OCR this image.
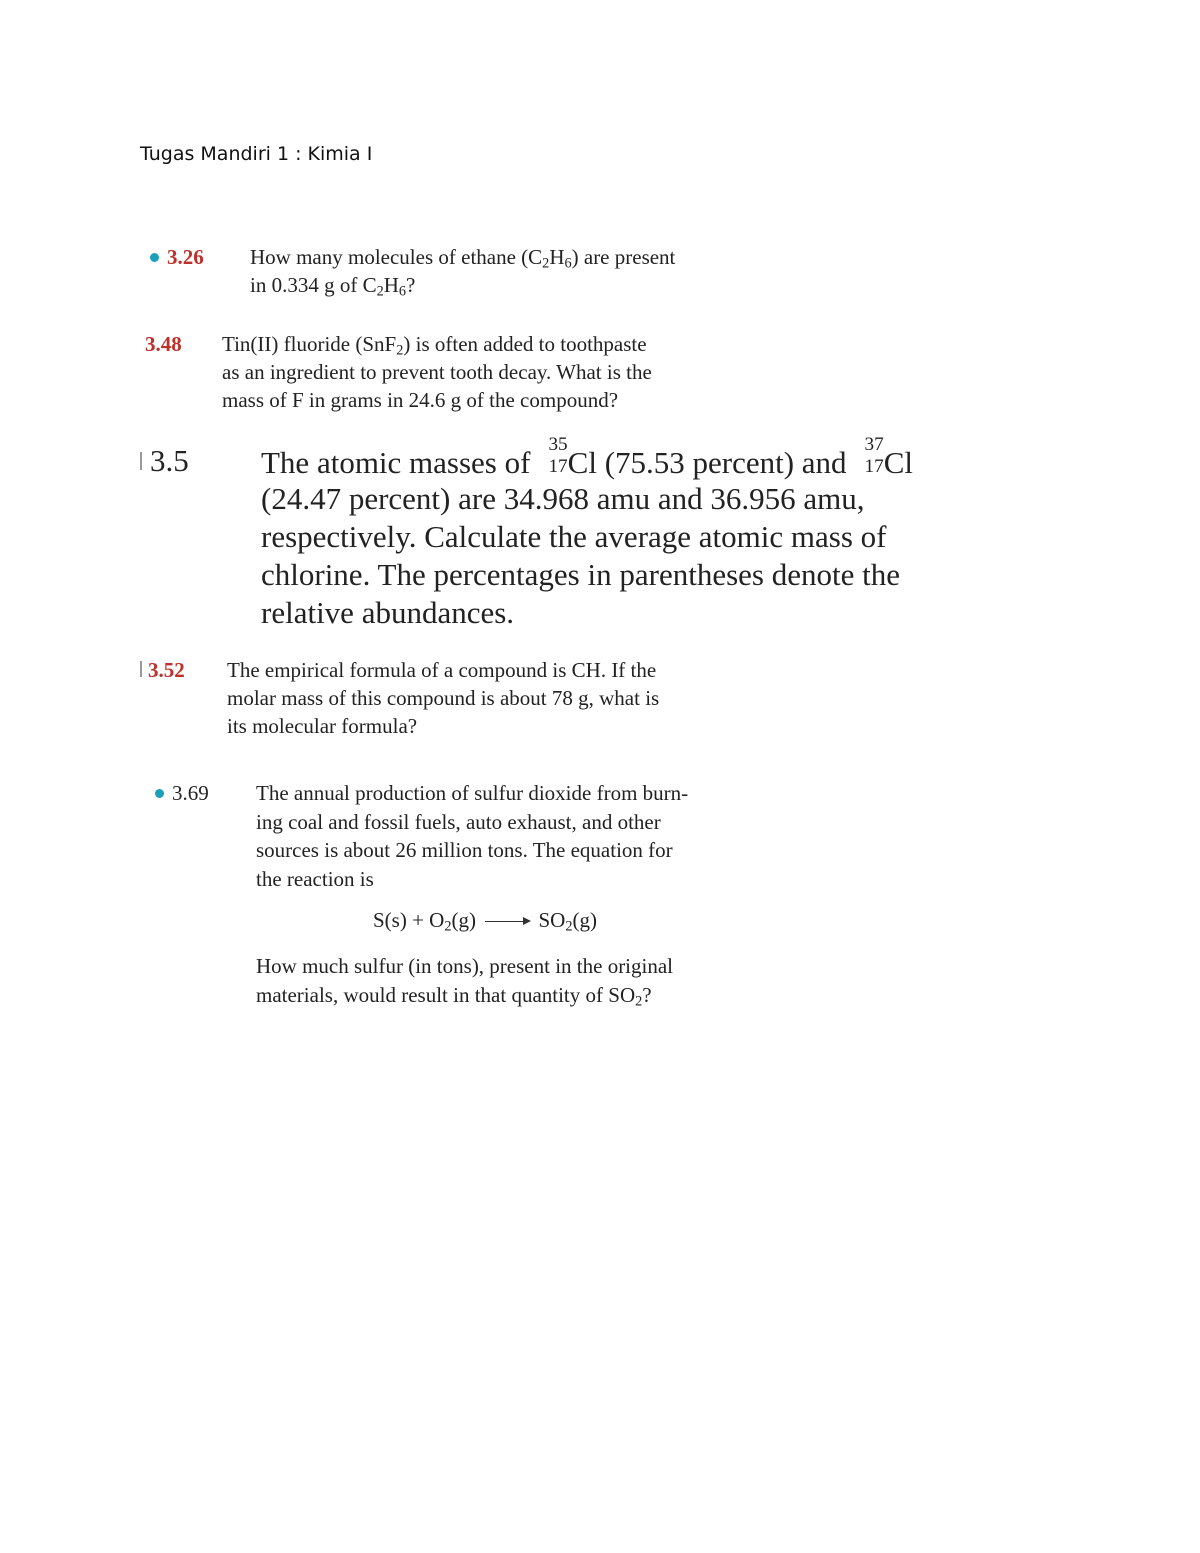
Tugas Mandiri 1 : Kimia I
3.26 How many molecules of ethane $(C_2H_6)$ are present
in 0.334 g of $C_2H_6$?
3.48 Tin(II) fluoride (SnF$_2$) is often added to toothpaste
as an ingredient to prevent tooth decay. What is the
mass of F in grams in 24.6 g of the compound?
3.5 The atomic masses of
35
17 Cl (75.53 percent) and
37
17 Cl
(24.47 percent) are 34.968 amu and 36.956 amu,
respectively. Calculate the average atomic mass of
chlorine. The percentages in parentheses denote the
relative abundances.
3.52 The empirical formula of a compound is CH. If the
molar mass of this compound is about 78 g, what is
its molecular formula?
3.69 The annual production of sulfur dioxide from burn-
ing coal and fossil fuels, auto exhaust, and other
sources is about 26 million tons. The equation for
the reaction is
How much sulfur (in tons), present in the original
materials, would result in that quantity of $SO_2$?
$S(s) + O_2(g) \to SO_2(g)$
